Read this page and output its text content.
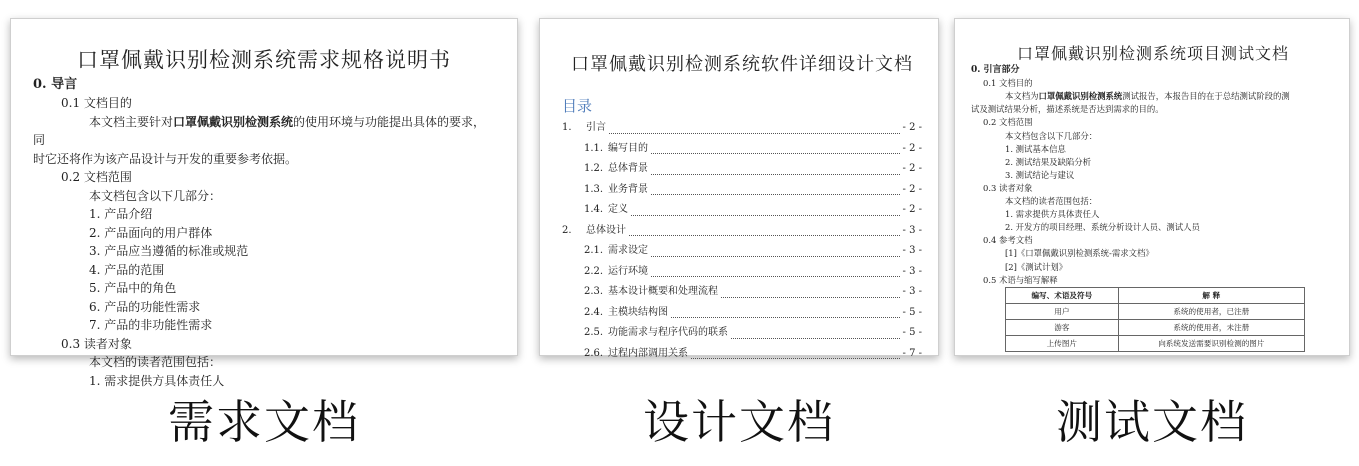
口罩佩戴识别检测系统需求规格说明书
0. 导言
0.1 文档目的
本文档主要针对口罩佩戴识别检测系统的使用环境与功能提出具体的要求，同
时它还将作为该产品设计与开发的重要参考依据。
0.2 文档范围
本文档包含以下几部分：
1. 产品介绍
2. 产品面向的用户群体
3. 产品应当遵循的标准或规范
4. 产品的范围
5. 产品中的角色
6. 产品的功能性需求
7. 产品的非功能性需求
0.3 读者对象
本文档的读者范围包括：
1. 需求提供方具体责任人
口罩佩戴识别检测系统软件详细设计文档
目录
1.	引言	- 2 -
1.1. 编写目的	- 2 -
1.2. 总体背景	- 2 -
1.3. 业务背景	- 2 -
1.4. 定义	- 2 -
2.	总体设计	- 3 -
2.1. 需求设定	- 3 -
2.2. 运行环境	- 3 -
2.3. 基本设计概要和处理流程	- 3 -
2.4. 主模块结构图	- 5 -
2.5. 功能需求与程序代码的联系	- 5 -
2.6. 过程内部调用关系	- 7 -
口罩佩戴识别检测系统项目测试文档
0. 引言部分
0.1 文档目的
本文档为口罩佩戴识别检测系统测试报告，本报告目的在于总结测试阶段的测
试及测试结果分析，描述系统是否达到需求的目的。
0.2 文档范围
本文档包含以下几部分：
1. 测试基本信息
2. 测试结果及缺陷分析
3. 测试结论与建议
0.3 读者对象
本文档的读者范围包括：
1. 需求提供方具体责任人
2. 开发方的项目经理、系统分析设计人员、测试人员
0.4 参考文档
[1]《口罩佩戴识别检测系统-需求文档》
[2]《测试计划》
0.5 术语与缩写解释
编写、术语及符号	解 释
用户	系统的使用者，已注册
游客	系统的使用者，未注册
上传图片	向系统发送需要识别检测的图片
需求文档	设计文档	测试文档
